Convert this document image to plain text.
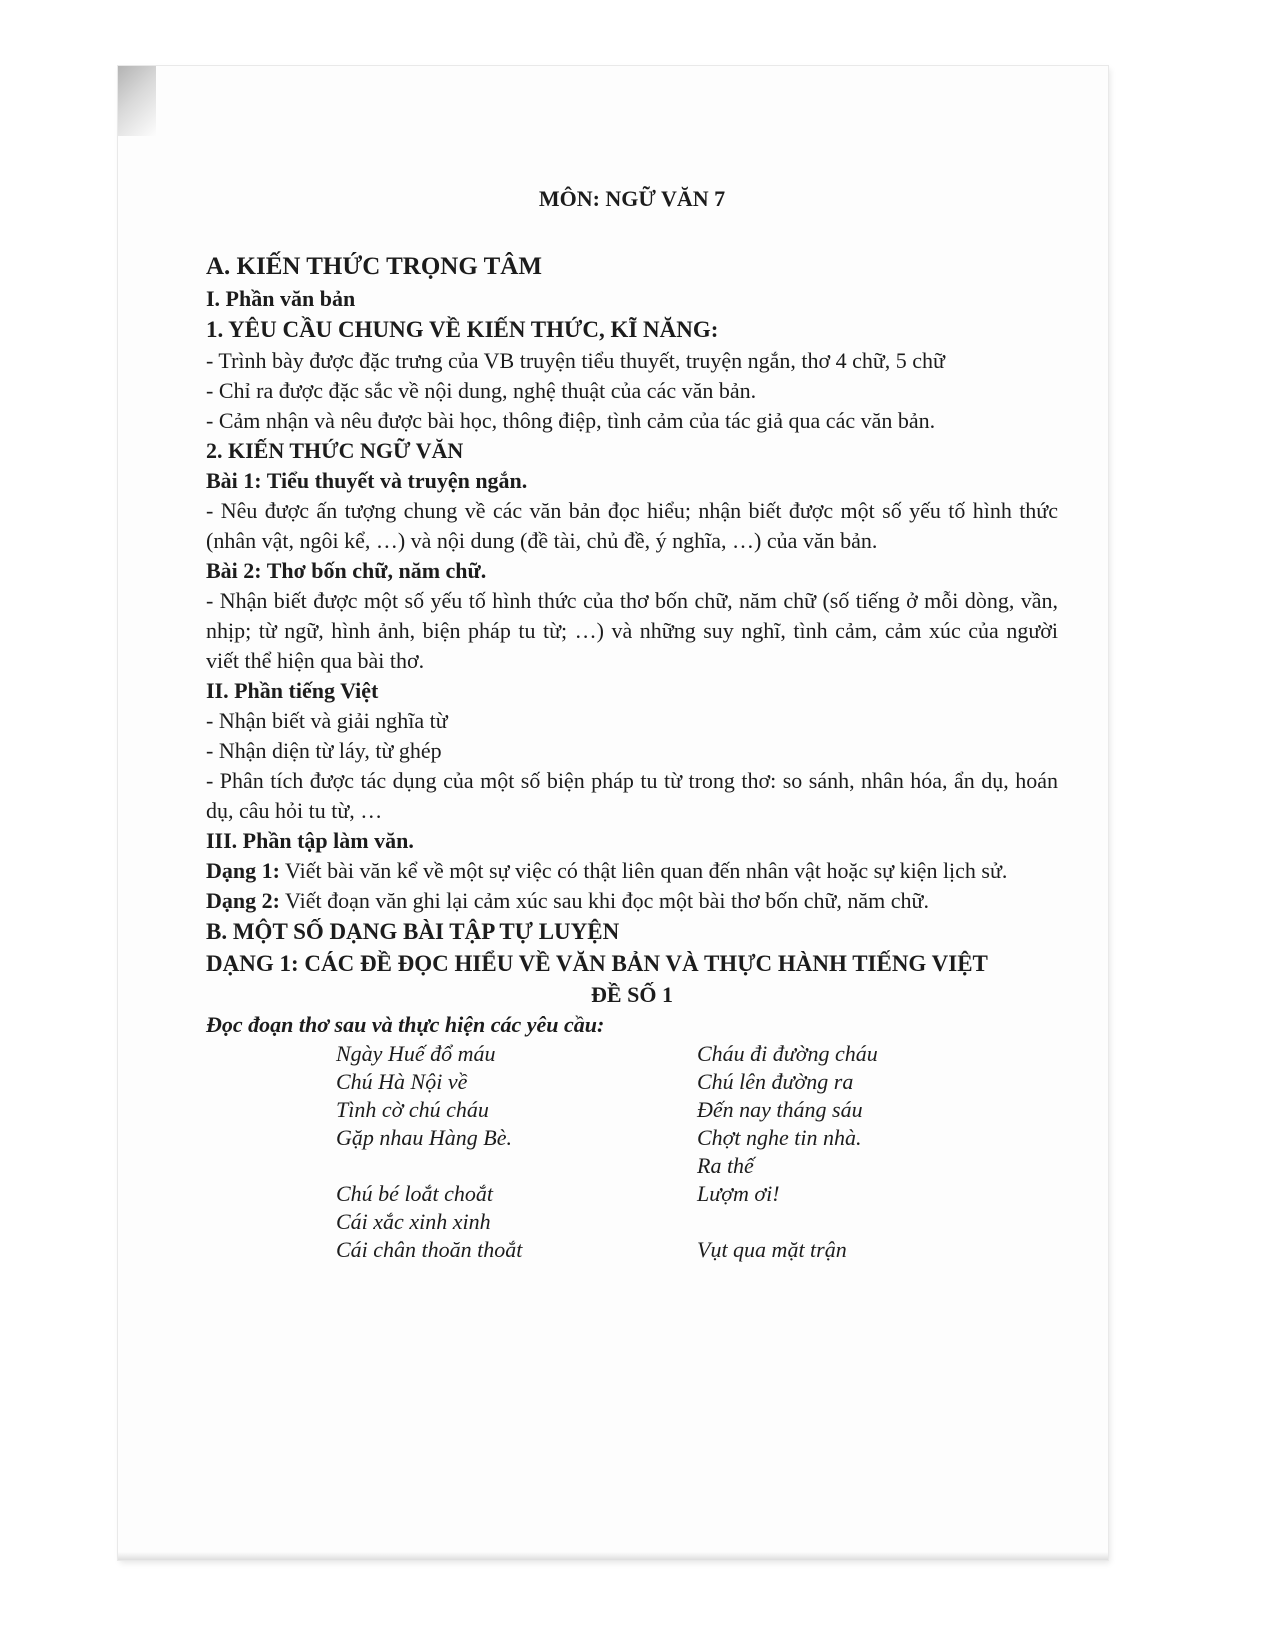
MÔN: NGỮ VĂN 7
A. KIẾN THỨC TRỌNG TÂM
I. Phần văn bản
1. YÊU CẦU CHUNG VỀ KIẾN THỨC, KĨ NĂNG:
- Trình bày được đặc trưng của VB truyện tiểu thuyết, truyện ngắn, thơ 4 chữ, 5 chữ
- Chỉ ra được đặc sắc về nội dung, nghệ thuật của các văn bản.
- Cảm nhận và nêu được bài học, thông điệp, tình cảm của tác giả qua các văn bản.
2. KIẾN THỨC NGỮ VĂN
Bài 1: Tiểu thuyết và truyện ngắn.
- Nêu được ấn tượng chung về các văn bản đọc hiểu; nhận biết được một số yếu tố hình thức (nhân vật, ngôi kể, …) và nội dung (đề tài, chủ đề, ý nghĩa, …) của văn bản.
Bài 2: Thơ bốn chữ, năm chữ.
- Nhận biết được một số yếu tố hình thức của thơ bốn chữ, năm chữ (số tiếng ở mỗi dòng, vần, nhịp; từ ngữ, hình ảnh, biện pháp tu từ; …) và những suy nghĩ, tình cảm, cảm xúc của người viết thể hiện qua bài thơ.
II. Phần tiếng Việt
- Nhận biết và giải nghĩa từ
- Nhận diện từ láy, từ ghép
- Phân tích được tác dụng của một số biện pháp tu từ trong thơ: so sánh, nhân hóa, ẩn dụ, hoán dụ, câu hỏi tu từ, …
III. Phần tập làm văn.
Dạng 1: Viết bài văn kể về một sự việc có thật liên quan đến nhân vật hoặc sự kiện lịch sử.
Dạng 2: Viết đoạn văn ghi lại cảm xúc sau khi đọc một bài thơ bốn chữ, năm chữ.
B. MỘT SỐ DẠNG BÀI TẬP TỰ LUYỆN
DẠNG 1: CÁC ĐỀ ĐỌC HIỂU VỀ VĂN BẢN VÀ THỰC HÀNH TIẾNG VIỆT
ĐỀ SỐ 1
Đọc đoạn thơ sau và thực hiện các yêu cầu:
Ngày Huế đổ máu
Chú Hà Nội về
Tình cờ chú cháu
Gặp nhau Hàng Bè.
Chú bé loắt choắt
Cái xắc xinh xinh
Cái chân thoăn thoắt
Cháu đi đường cháu
Chú lên đường ra
Đến nay tháng sáu
Chợt nghe tin nhà.
Ra thế
Lượm ơi!
Vụt qua mặt trận
